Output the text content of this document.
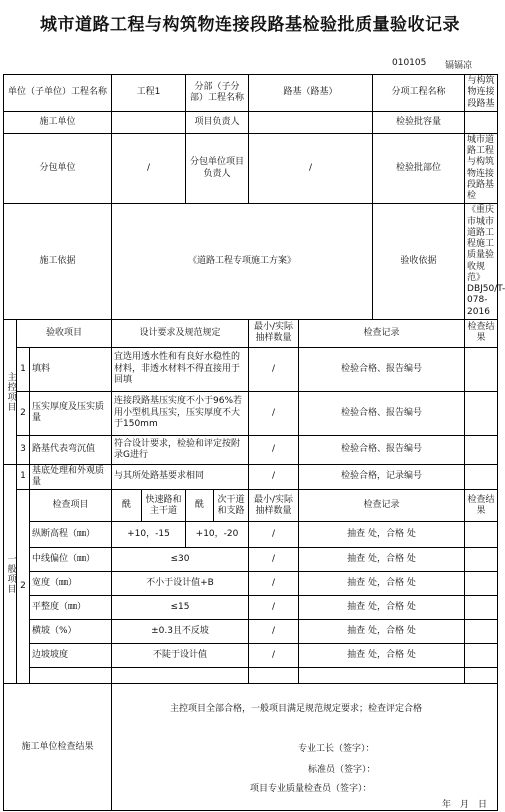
城市道路工程与构筑物连接段路基检验批质量验收记录
010105 镉镉凉
单位（子单位）工程名称			工程1		分部（子分部）工程名称		路基（路基）		分项工程名称	与构筑物连接段路基
施工单位					项目负责人				检验批容量	
分包单位			/		分包单位项目负责人		/		检验批部位	城市道路工程与构筑物连接段路基检
施工依据			《道路工程专项施工方案》						验收依据	《重庆市城市道路工程施工质量验收规范》DBJ50/T-078-2016
主控项目	验收项目		设计要求及规范规定				最小/实际抽样数量	检查记录		检查结果
	1	填料	宜选用透水性和有良好水稳性的材料，非透水材料不得直接用于回填				/	检验合格、报告编号		
	2	压实厚度及压实质量	连接段路基压实度不小于96%若用小型机具压实，压实厚度不大于150mm				/	检验合格、报告编号		
	3	路基代表弯沉值	符合设计要求，检验和评定按附录G进行				/	检验合格、报告编号		
一般项目	1	基底处理和外观质量	与其所处路基要求相同				/	检验合格，记录编号		
	2	检查项目	酰	快速路和主干道	酰	次干道和支路	最小/实际抽样数量	检查记录		检查结果
		纵断高程（㎜）	+10，-15		+10，-20		/	抽查 处，合格 处		
		中线偏位（㎜）	≤30				/	抽查 处，合格 处		
		宽度（㎜）	不小于设计值+B				/	抽查 处，合格 处		
		平整度（㎜）	≤15				/	抽查 处，合格 处		
		横坡（%）	±0.3且不反坡				/	抽查 处，合格 处		
		边坡坡度	不陡于设计值				/	抽查 处，合格 处		

施工单位检查结果			主控项目全部合格，一般项目满足规范规定要求；检查评定合格
专业工长（签字）：
标准员（签字）：
项目专业质量检查员（签字）：
年　月　日							
